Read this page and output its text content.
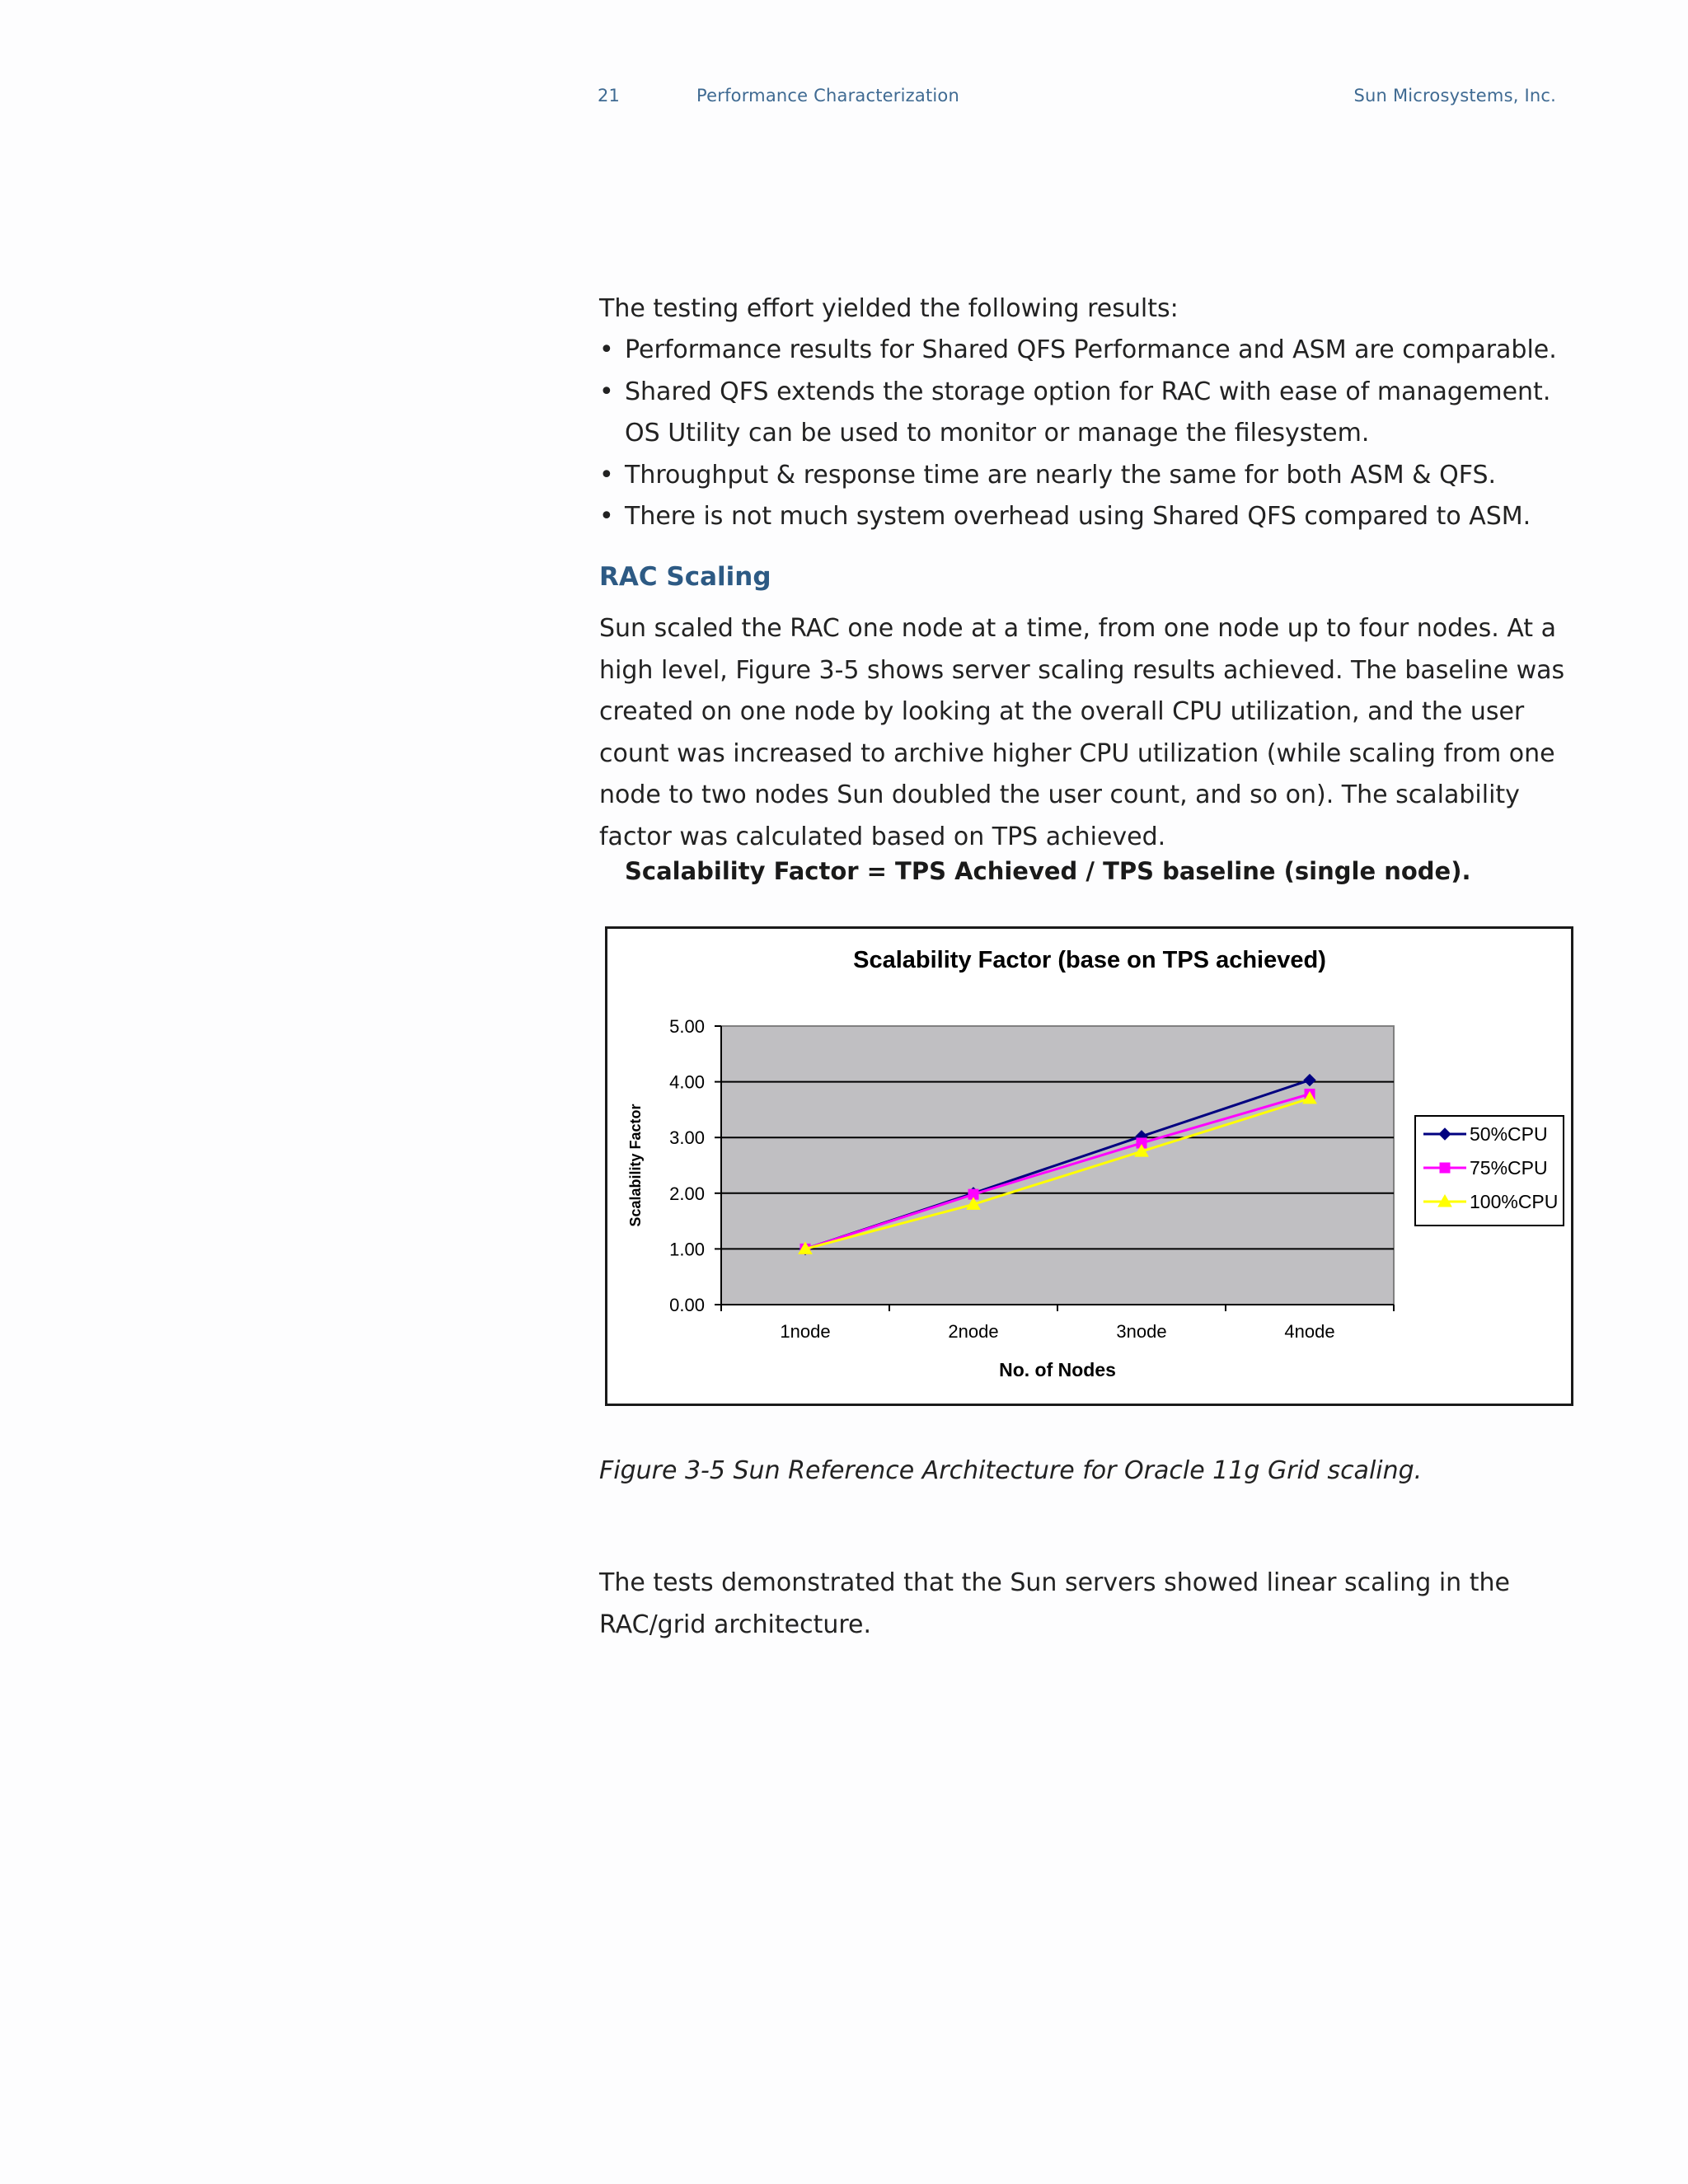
21	Performance Characterization	Sun Microsystems, Inc.
The testing effort yielded the following results:
• Performance results for Shared QFS Performance and ASM are comparable.
• Shared QFS extends the storage option for RAC with ease of management.
OS Utility can be used to monitor or manage the filesystem.
• Throughput & response time are nearly the same for both ASM & QFS.
• There is not much system overhead using Shared QFS compared to ASM.
RAC Scaling
Sun scaled the RAC one node at a time, from one node up to four nodes. At a high level, Figure 3-5 shows server scaling results achieved. The baseline was created on one node by looking at the overall CPU utilization, and the user count was increased to archive higher CPU utilization (while scaling from one node to two nodes Sun doubled the user count, and so on). The scalability factor was calculated based on TPS achieved.
Scalability Factor = TPS Achieved / TPS baseline (single node).
Scalability Factor (base on TPS achieved)
0.00
1.00
2.00
3.00
4.00
5.00
1node	2node	3node	4node
No. of Nodes
Scalability Factor	50%CPU
75%CPU
100%CPU
Figure 3-5 Sun Reference Architecture for Oracle 11g Grid scaling.
The tests demonstrated that the Sun servers showed linear scaling in the RAC/grid architecture.
